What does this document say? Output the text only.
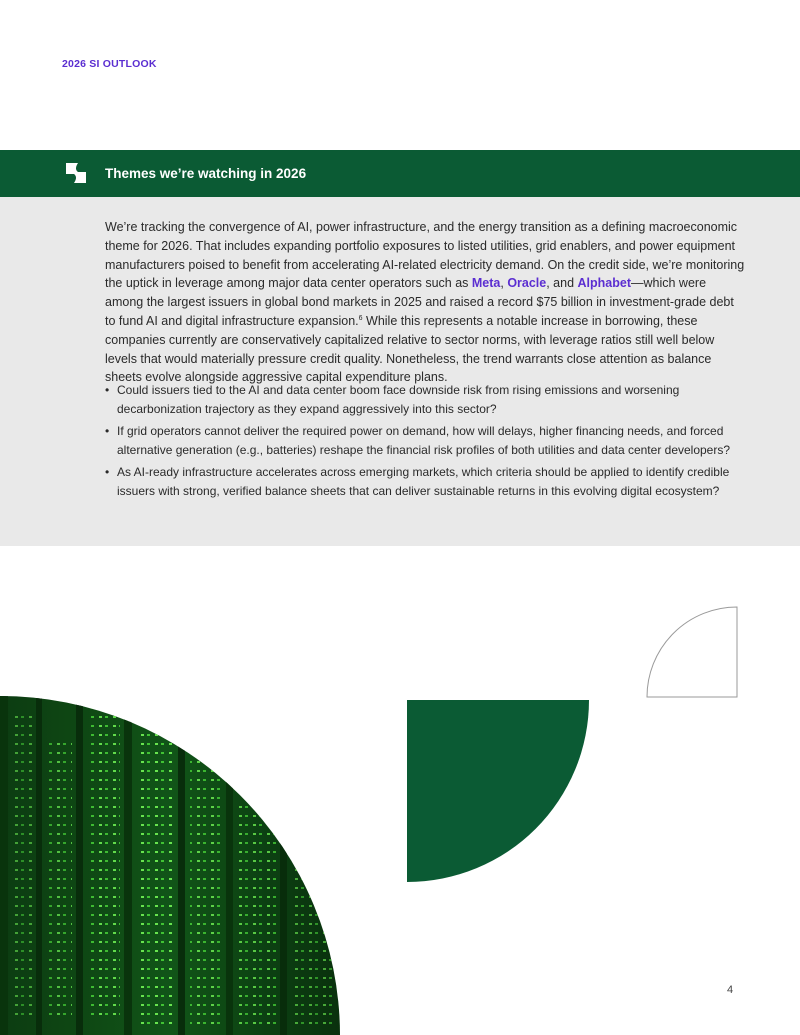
2026 SI OUTLOOK
Themes we’re watching in 2026

We’re tracking the convergence of AI, power infrastructure, and the energy transition as a defining macroeconomic theme for 2026. That includes expanding portfolio exposures to listed utilities, grid enablers, and power equipment manufacturers poised to benefit from accelerating AI-related electricity demand. On the credit side, we’re monitoring the uptick in leverage among major data center operators such as Meta, Oracle, and Alphabet—which were among the largest issuers in global bond markets in 2025 and raised a record $75 billion in investment-grade debt to fund AI and digital infrastructure expansion.$^6$ While this represents a notable increase in borrowing, these companies currently are conservatively capitalized relative to sector norms, with leverage ratios still well below levels that would materially pressure credit quality. Nonetheless, the trend warrants close attention as balance sheets evolve alongside aggressive capital expenditure plans.

• Could issuers tied to the AI and data center boom face downside risk from rising emissions and worsening decarbonization trajectory as they expand aggressively into this sector?
• If grid operators cannot deliver the required power on demand, how will delays, higher financing needs, and forced alternative generation (e.g., batteries) reshape the financial risk profiles of both utilities and data center developers?
• As AI-ready infrastructure accelerates across emerging markets, which criteria should be applied to identify credible issuers with strong, verified balance sheets that can deliver sustainable returns in this evolving digital ecosystem?
4
